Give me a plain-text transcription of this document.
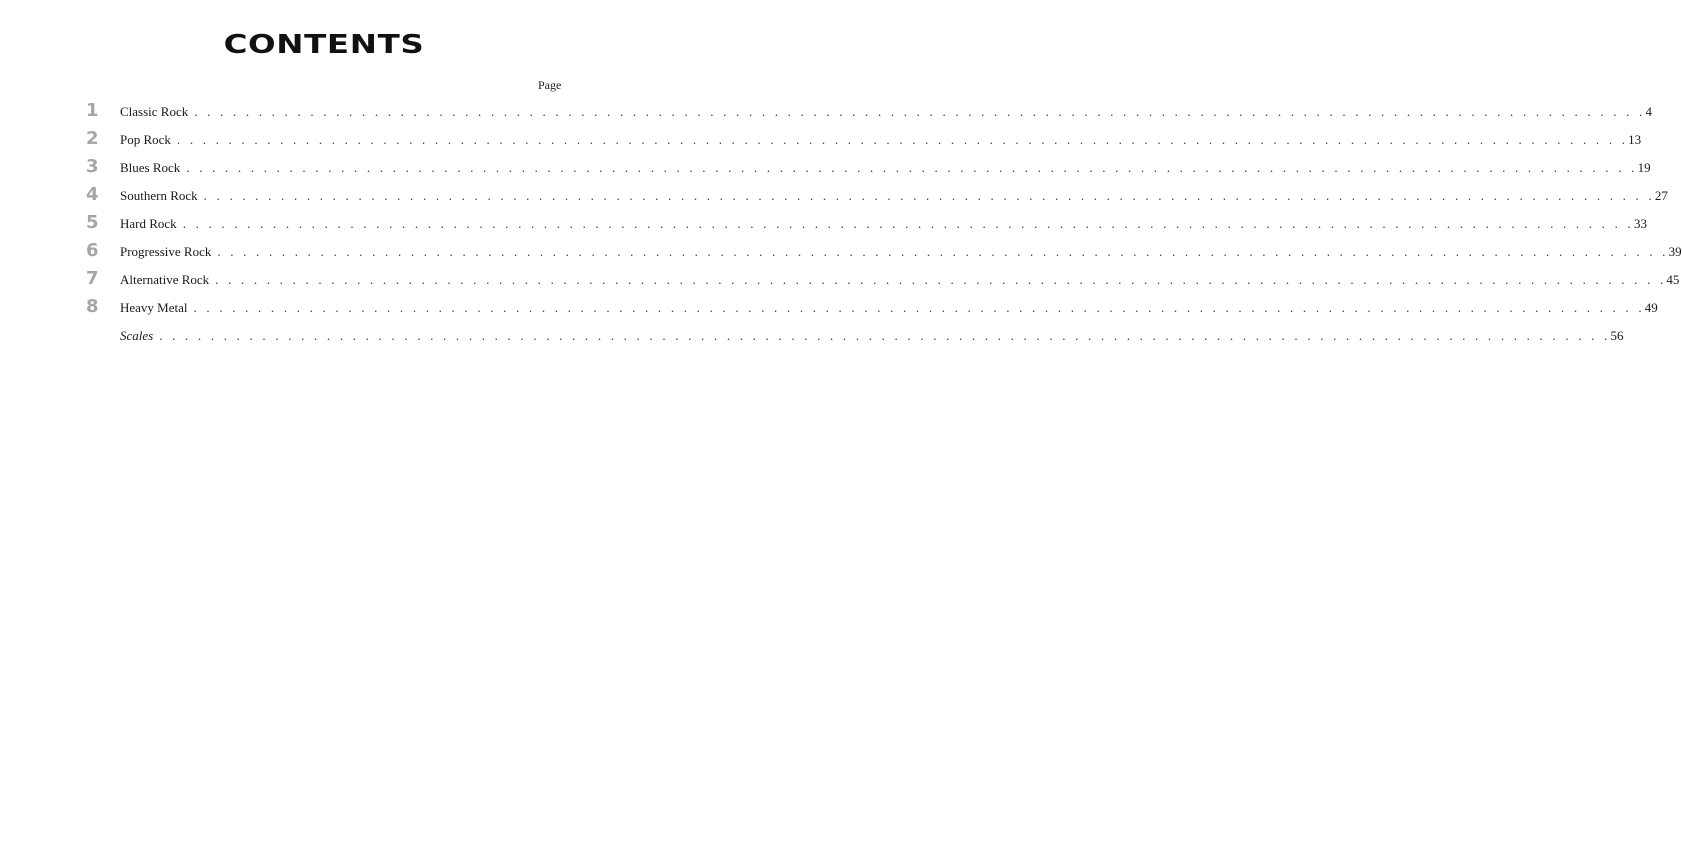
CONTENTS
Page
1 Classic Rock . . . . . . . . . . . . . . . . . . . . . . . . . . . . . . . . . . . . . . . . . . . . . . . . . . . . . . . . . . . . . . . . . . . . . . . . . . . . . . . . . . . . . . . . . . . . . . . . . . . . . . . . . . . . . . . . . 4
2 Pop Rock . . . . . . . . . . . . . . . . . . . . . . . . . . . . . . . . . . . . . . . . . . . . . . . . . . . . . . . . . . . . . . . . . . . . . . . . . . . . . . . . . . . . . . . . . . . . . . . . . . . . . . . . . . . . . . . . . 13
3 Blues Rock . . . . . . . . . . . . . . . . . . . . . . . . . . . . . . . . . . . . . . . . . . . . . . . . . . . . . . . . . . . . . . . . . . . . . . . . . . . . . . . . . . . . . . . . . . . . . . . . . . . . . . . . . . . . . . . . . 19
4 Southern Rock . . . . . . . . . . . . . . . . . . . . . . . . . . . . . . . . . . . . . . . . . . . . . . . . . . . . . . . . . . . . . . . . . . . . . . . . . . . . . . . . . . . . . . . . . . . . . . . . . . . . . . . . . . . . . . . . . 27
5 Hard Rock . . . . . . . . . . . . . . . . . . . . . . . . . . . . . . . . . . . . . . . . . . . . . . . . . . . . . . . . . . . . . . . . . . . . . . . . . . . . . . . . . . . . . . . . . . . . . . . . . . . . . . . . . . . . . . . . . 33
6 Progressive Rock . . . . . . . . . . . . . . . . . . . . . . . . . . . . . . . . . . . . . . . . . . . . . . . . . . . . . . . . . . . . . . . . . . . . . . . . . . . . . . . . . . . . . . . . . . . . . . . . . . . . . . . . . . . . . . . . . 39
7 Alternative Rock . . . . . . . . . . . . . . . . . . . . . . . . . . . . . . . . . . . . . . . . . . . . . . . . . . . . . . . . . . . . . . . . . . . . . . . . . . . . . . . . . . . . . . . . . . . . . . . . . . . . . . . . . . . . . . . . . 45
8 Heavy Metal . . . . . . . . . . . . . . . . . . . . . . . . . . . . . . . . . . . . . . . . . . . . . . . . . . . . . . . . . . . . . . . . . . . . . . . . . . . . . . . . . . . . . . . . . . . . . . . . . . . . . . . . . . . . . . . . . 49
Scales . . . . . . . . . . . . . . . . . . . . . . . . . . . . . . . . . . . . . . . . . . . . . . . . . . . . . . . . . . . . . . . . . . . . . . . . . . . . . . . . . . . . . . . . . . . . . . . . . . . . . . . . . . . . . . . . . 56
